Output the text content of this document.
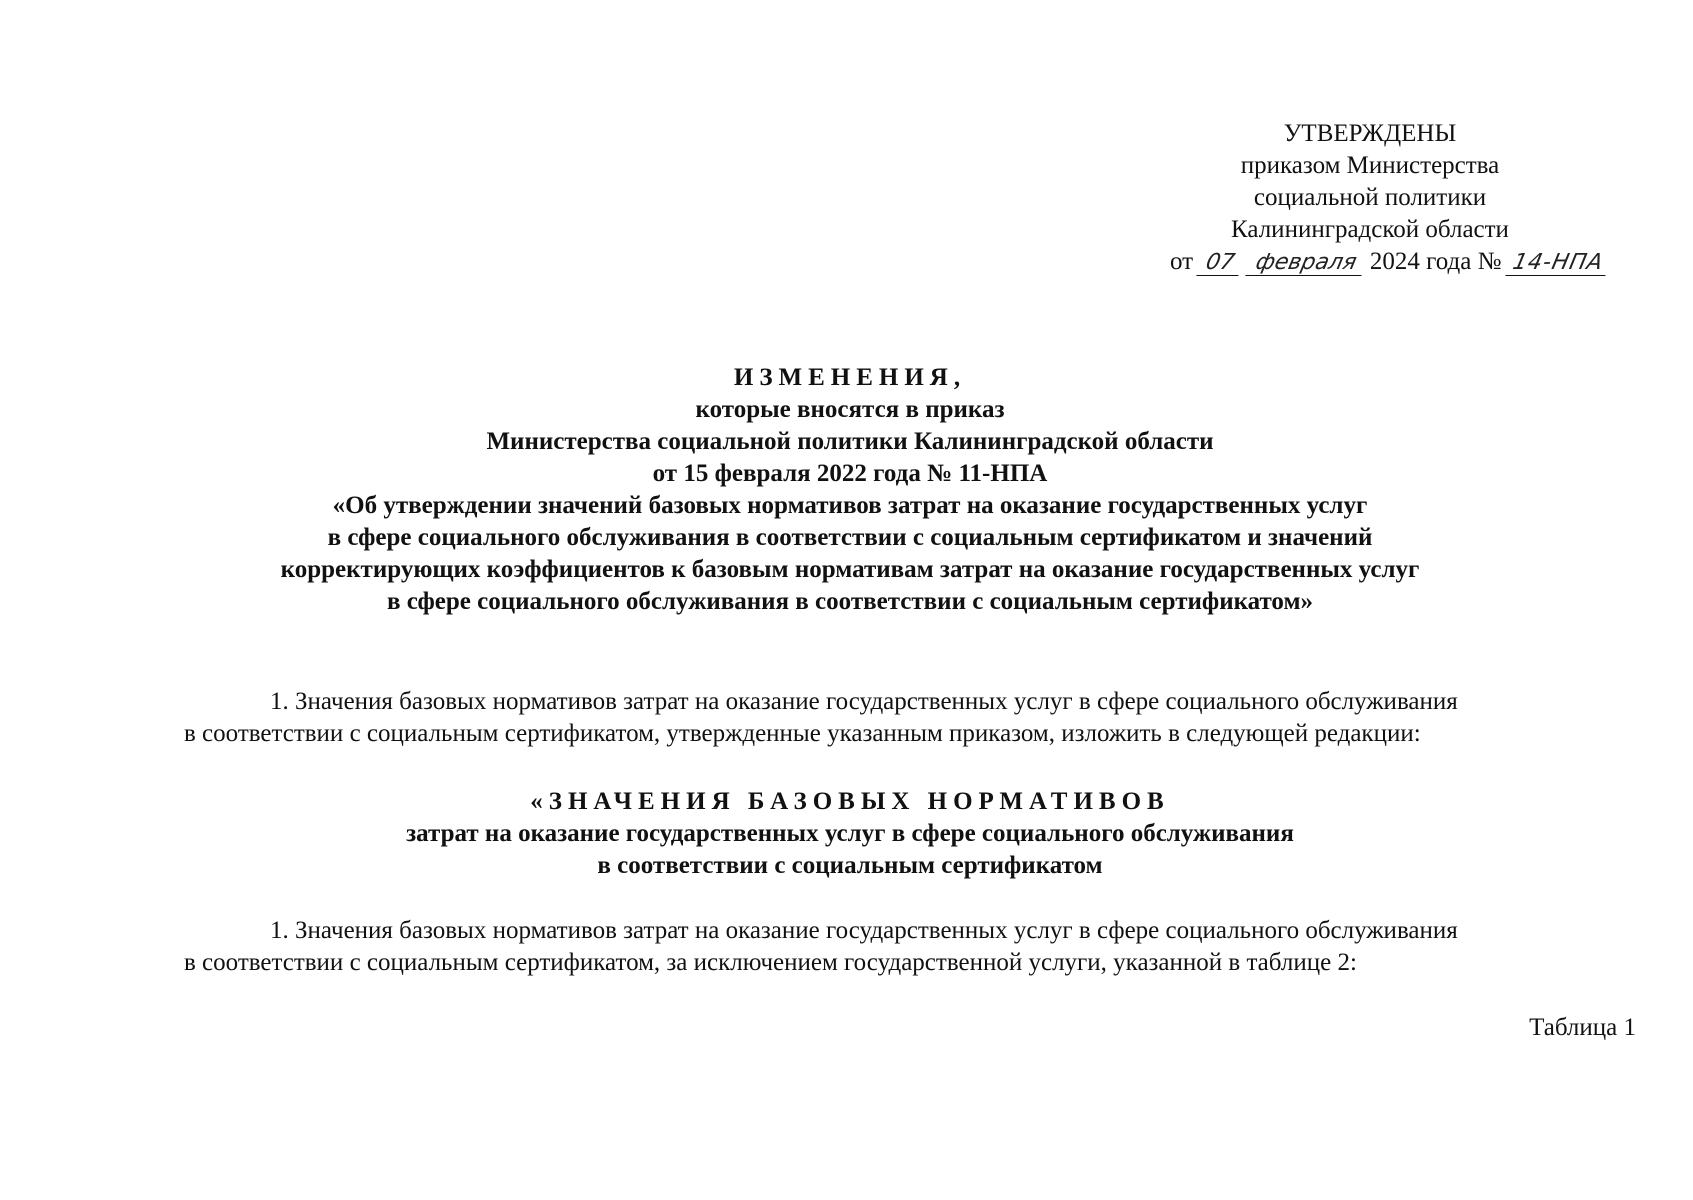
УТВЕРЖДЕНЫ
приказом Министерства
социальной политики
Калининградской области
от 07 февраля 2024 года № 14-НПА
ИЗМЕНЕНИЯ,
которые вносятся в приказ
Министерства социальной политики Калининградской области
от 15 февраля 2022 года № 11-НПА
«Об утверждении значений базовых нормативов затрат на оказание государственных услуг
в сфере социального обслуживания в соответствии с социальным сертификатом и значений
корректирующих коэффициентов к базовым нормативам затрат на оказание государственных услуг
в сфере социального обслуживания в соответствии с социальным сертификатом»
1. Значения базовых нормативов затрат на оказание государственных услуг в сфере социального обслуживания
в соответствии с социальным сертификатом, утвержденные указанным приказом, изложить в следующей редакции:
«ЗНАЧЕНИЯ БАЗОВЫХ НОРМАТИВОВ
затрат на оказание государственных услуг в сфере социального обслуживания
в соответствии с социальным сертификатом
1. Значения базовых нормативов затрат на оказание государственных услуг в сфере социального обслуживания
в соответствии с социальным сертификатом, за исключением государственной услуги, указанной в таблице 2:
Таблица 1
